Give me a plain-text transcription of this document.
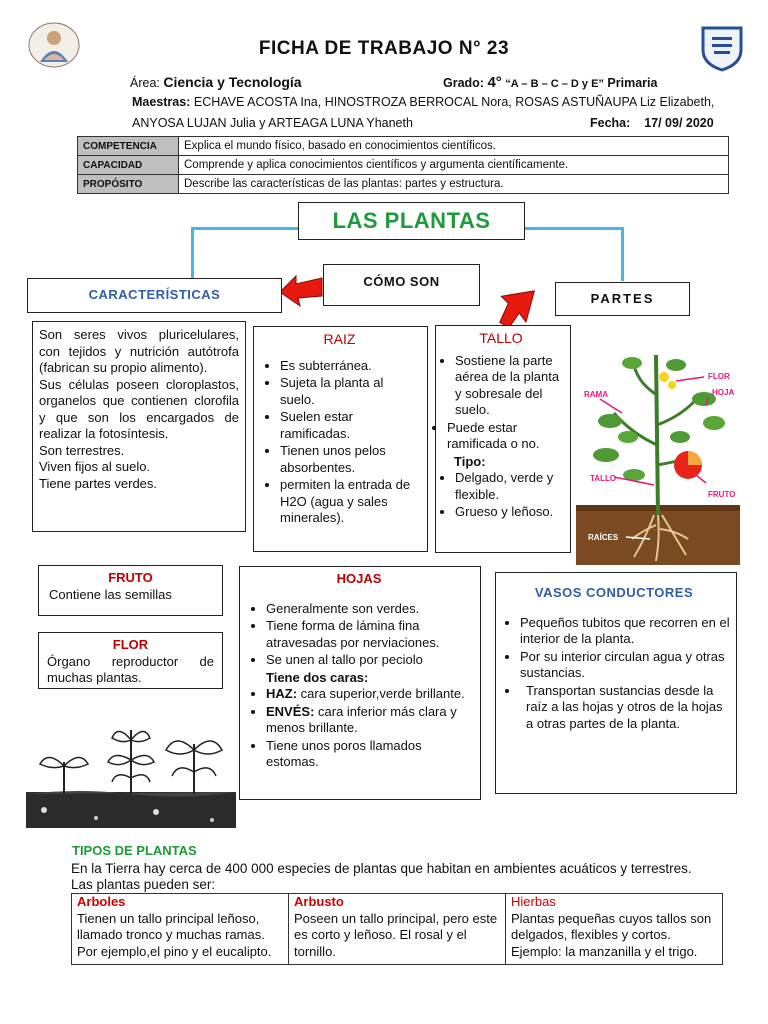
FICHA DE TRABAJO N° 23
Área: Ciencia y Tecnología	Grado: 4° “A – B – C – D y E” Primaria
Maestras: ECHAVE ACOSTA Ina, HINOSTROZA BERROCAL Nora, ROSAS ASTUÑAUPA Liz Elizabeth,
ANYOSA LUJAN Julia y ARTEAGA LUNA Yhaneth	Fecha: 17/ 09/ 2020
COMPETENCIA	Explica el mundo físico, basado en conocimientos científicos.
CAPACIDAD	Comprende y aplica conocimientos científicos y argumenta científicamente.
PROPÓSITO	Describe las características de las plantas: partes y estructura.
LAS PLANTAS
CÓMO SON
CARACTERÍSTICAS
Son seres vivos pluricelulares, con tejidos y nutrición autótrofa (fabrican su propio alimento).
Sus células poseen cloroplastos, organelos que contienen clorofila y que son los encargados de realizar la fotosíntesis.
Son terrestres.
Viven fijos al suelo.
Tiene partes verdes.
PARTES
RAIZ
• Es subterránea.
• Sujeta la planta al suelo.
• Suelen estar ramificadas.
• Tienen unos pelos absorbentes.
• permiten la entrada de H2O (agua y sales minerales).
TALLO
• Sostiene la parte aérea de la planta y sobresale del suelo.
• Puede estar ramificada o no.
Tipo:
• Delgado, verde y flexible.
• Grueso y leñoso.
FLOR
RAMA	HOJA
TALLO
FRUTO
RAÍCES
FRUTO
Contiene las semillas
FLOR
Órgano reproductor de muchas plantas.
HOJAS
• Generalmente son verdes.
• Tiene forma de lámina fina atravesadas por nerviaciones.
• Se unen al tallo por peciolo
Tiene dos caras:
• HAZ: cara superior,verde brillante.
• ENVÉS: cara inferior más clara y menos brillante.
• Tiene unos poros llamados estomas.
VASOS CONDUCTORES
• Pequeños tubitos que recorren en el interior de la planta.
• Por su interior circulan agua y otras sustancias.
• Transportan sustancias desde la raíz a las hojas y otros de la hojas a otras partes de la planta.
TIPOS DE PLANTAS
En la Tierra hay cerca de 400 000 especies de plantas que habitan en ambientes acuáticos y terrestres.
Las plantas pueden ser:
Arboles
Tienen un tallo principal leñoso, llamado tronco y muchas ramas. Por ejemplo,el pino y el eucalipto.

Arbusto
Poseen un tallo principal, pero este es corto y leñoso. El rosal y el tornillo.

Hierbas
Plantas pequeñas cuyos tallos son delgados, flexibles y cortos. Ejemplo: la manzanilla y el trigo.
